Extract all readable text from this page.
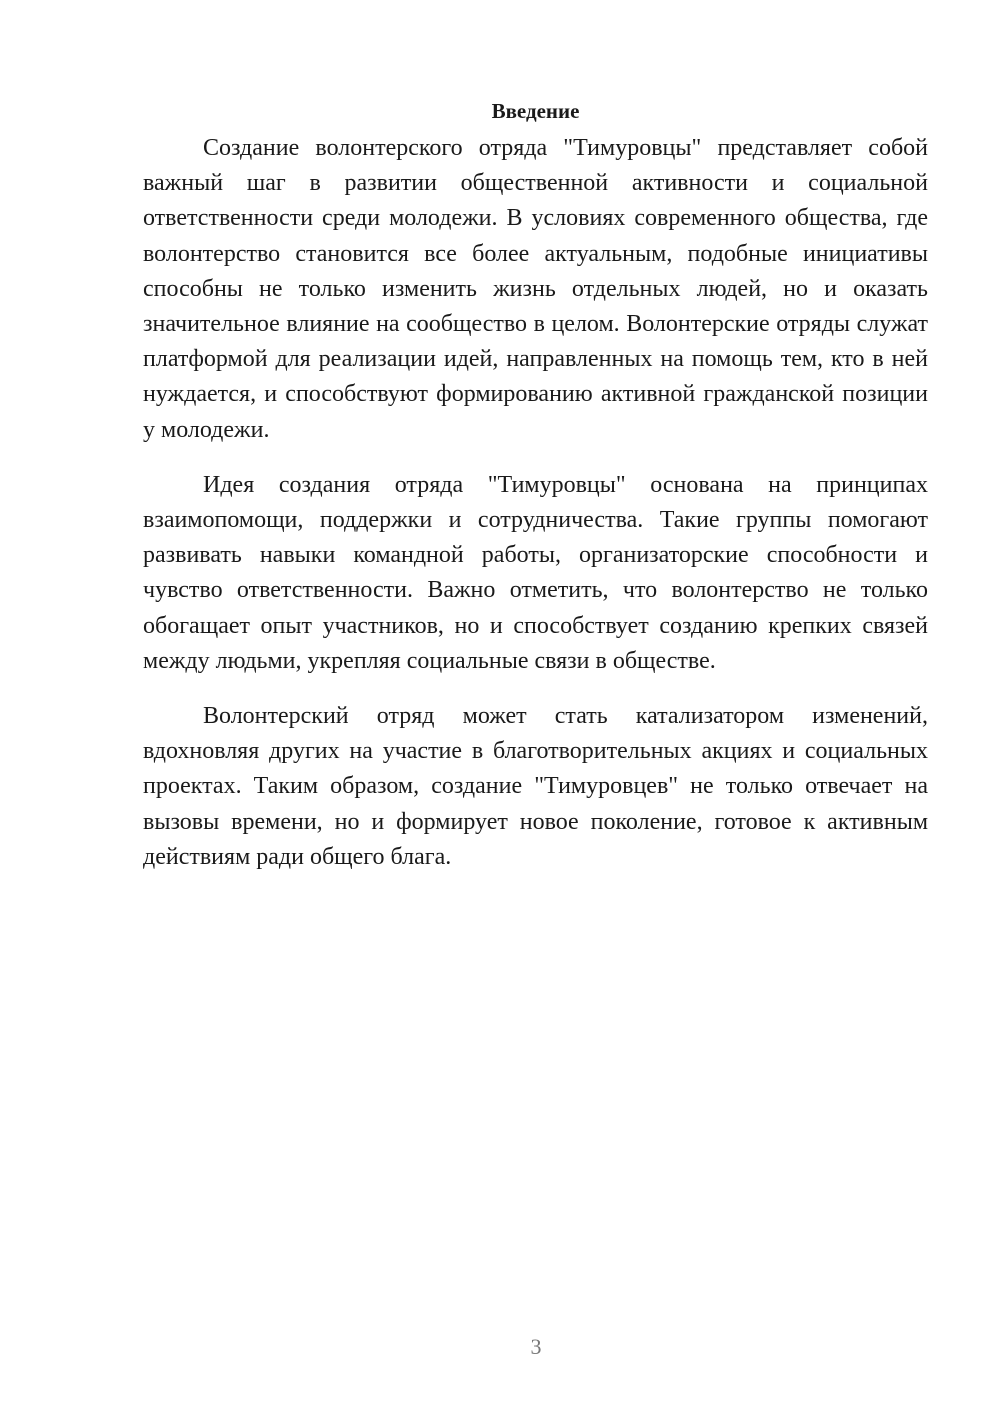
Введение

Создание волонтерского отряда "Тимуровцы" представляет собой важный шаг в развитии общественной активности и социальной ответственности среди молодежи. В условиях современного общества, где волонтерство становится все более актуальным, подобные инициативы способны не только изменить жизнь отдельных людей, но и оказать значительное влияние на сообщество в целом. Волонтерские отряды служат платформой для реализации идей, направленных на помощь тем, кто в ней нуждается, и способствуют формированию активной гражданской позиции у молодежи.

Идея создания отряда "Тимуровцы" основана на принципах взаимопомощи, поддержки и сотрудничества. Такие группы помогают развивать навыки командной работы, организаторские способности и чувство ответственности. Важно отметить, что волонтерство не только обогащает опыт участников, но и способствует созданию крепких связей между людьми, укрепляя социальные связи в обществе.

Волонтерский отряд может стать катализатором изменений, вдохновляя других на участие в благотворительных акциях и социальных проектах. Таким образом, создание "Тимуровцев" не только отвечает на вызовы времени, но и формирует новое поколение, готовое к активным действиям ради общего блага.

3
